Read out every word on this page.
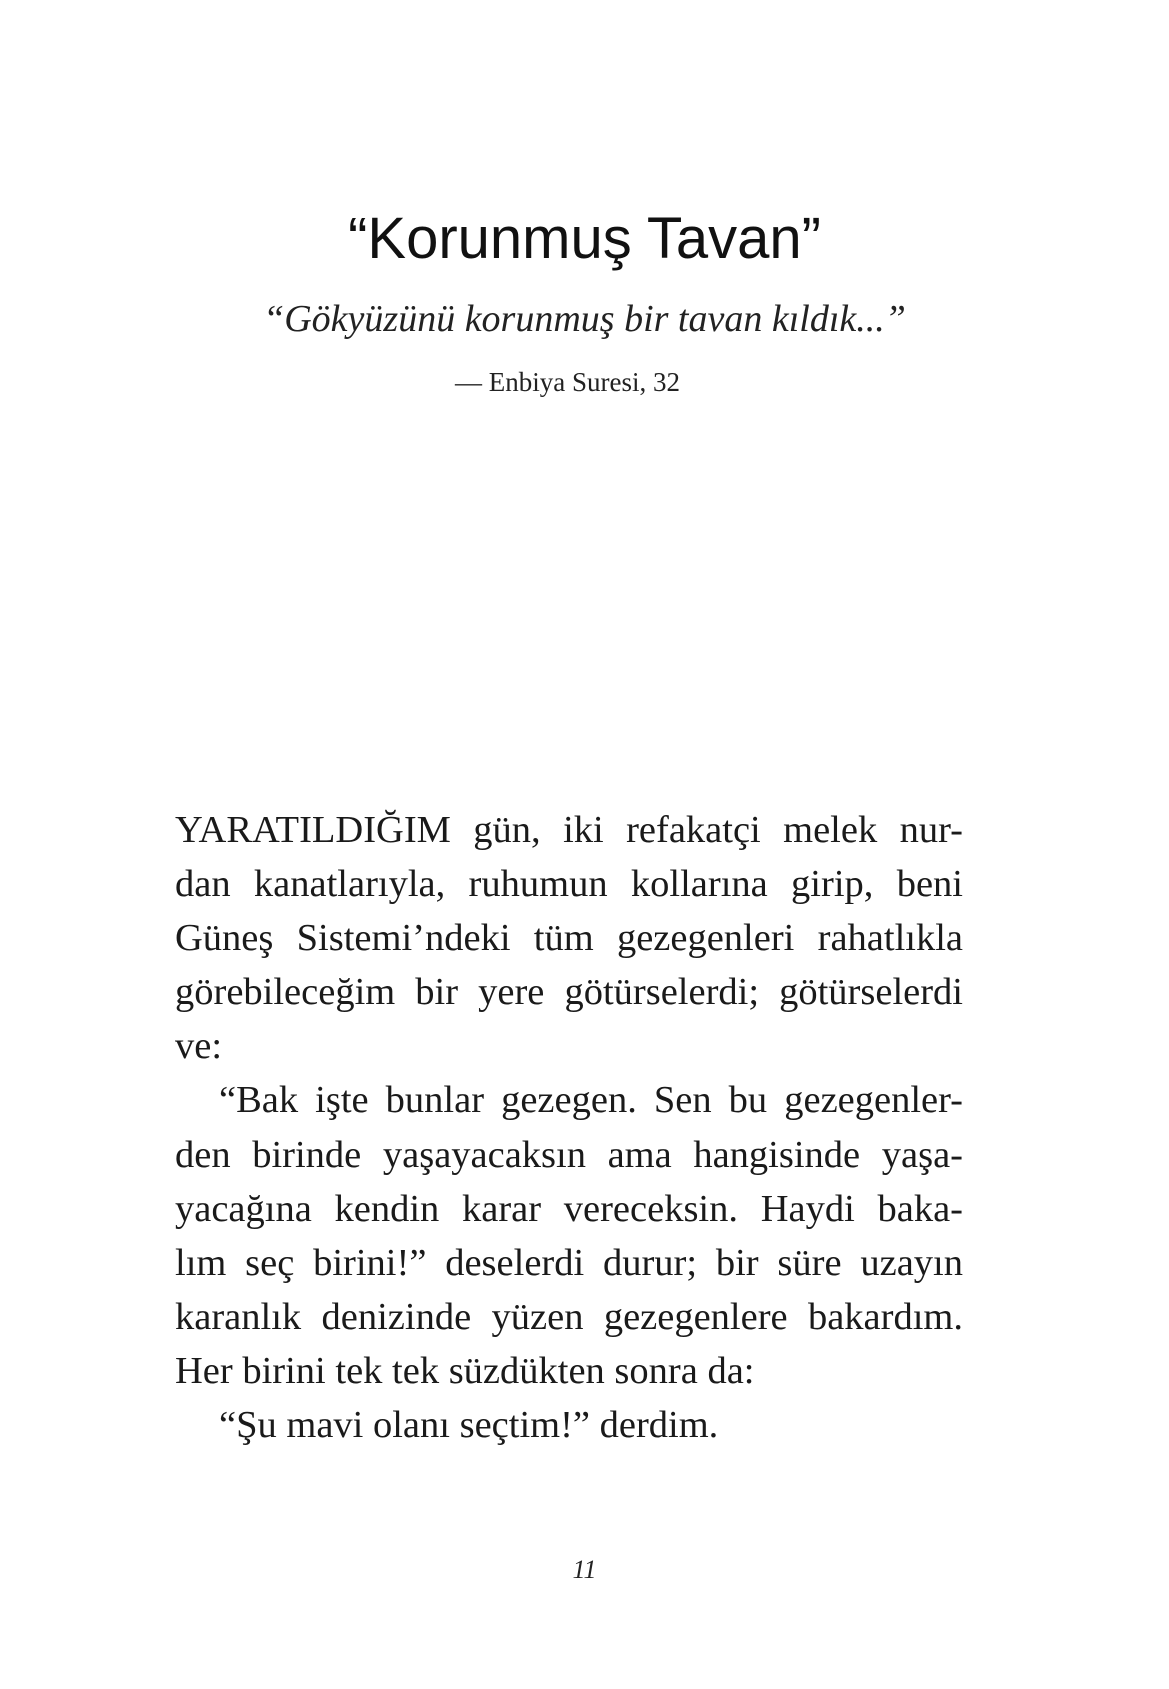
“Korunmuş Tavan”

“Gökyüzünü korunmuş bir tavan kıldık...”

— Enbiya Suresi, 32

YARATILDIĞIM gün, iki refakatçi melek nur-
dan kanatlarıyla, ruhumun kollarına girip, beni
Güneş Sistemi’ndeki tüm gezegenleri rahatlıkla
görebileceğim bir yere götürselerdi; götürselerdi
ve:
“Bak işte bunlar gezegen. Sen bu gezegenler-
den birinde yaşayacaksın ama hangisinde yaşa-
yacağına kendin karar vereceksin. Haydi baka-
lım seç birini!” deselerdi durur; bir süre uzayın
karanlık denizinde yüzen gezegenlere bakardım.
Her birini tek tek süzdükten sonra da:
“Şu mavi olanı seçtim!” derdim.

11
